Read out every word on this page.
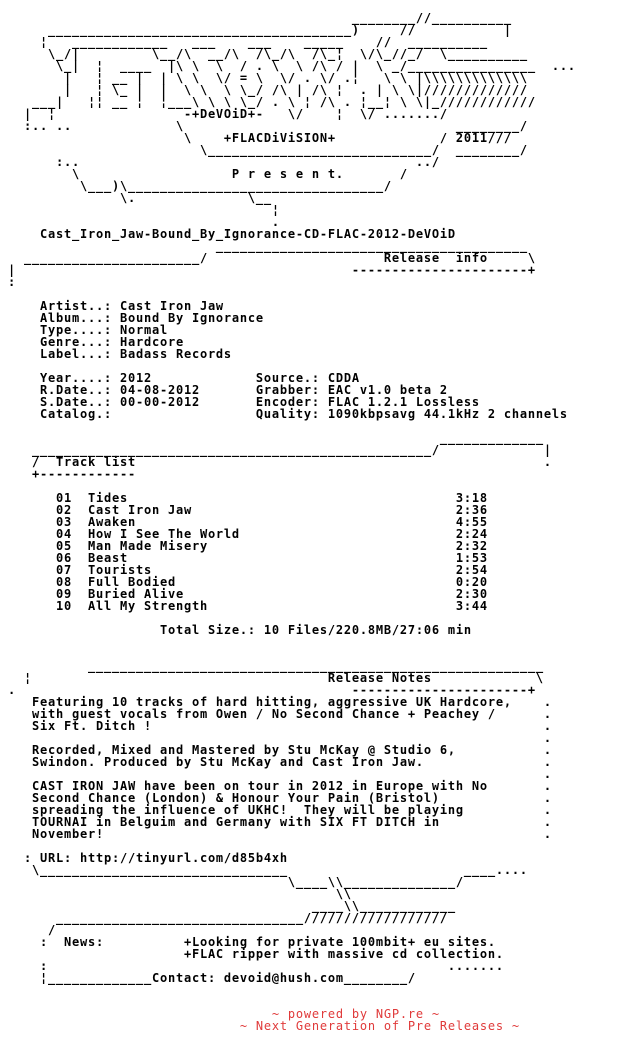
________//__________
______________________________________)     //           |
¦   ____________   ___    ___    _____    //  __________
\_/|         \__/\  __/\  /\_/\  /\_¦  \/\_//_/  \__________
\_|  ¦  ____  |\ \  \  / . \  \ /\ / |  \ _/________________  ...
|   ¦ __ |  | \ \  \/ = \  \/ . \/ .¦   \ \ |\\\\\\\\\\\\\
|   ¦ \_ |  |  \ \  \ \_/ /\ | /\ ¦  . | \ \|/////////////
___|   ¦¦ __ ¦  ¦___\ \ \ \_/ . \ ¦ /\ . ¦__¦ \ \|_////////////
|  ¦                -+DeVOiD+-   \/    ¦  \/ ......./
:.. ..             \                                  ________/
\    +FLACDiViSION+             / 2011///
\____________________________/  ________/
:..                                          ../
\                   P r e s e n t.       /
\___)\________________________________/
\.              \__
¦
.
Cast_Iron_Jaw-Bound_By_Ignorance-CD-FLAC-2012-DeVOiD
_______________________________________
______________________/                      Release  info     \
|                                          ----------------------+
:
Artist..: Cast Iron Jaw
Album...: Bound By Ignorance
Type....: Normal
Genre...: Hardcore
Label...: Badass Records
Year....: 2012             Source.: CDDA
R.Date..: 04-08-2012       Grabber: EAC v1.0 beta 2
S.Date..: 00-00-2012       Encoder: FLAC 1.2.1 Lossless
Catalog.:                  Quality: 1090kbpsavg 44.1kHz 2 channels
_____________
__________________________________________________/             |
/  Track list                                                   .
+------------
01  Tides                                         3:18
02  Cast Iron Jaw                                 2:36
03  Awaken                                        4:55
04  How I See The World                           2:24
05  Man Made Misery                               2:32
06  Beast                                         1:53
07  Tourists                                      2:54
08  Full Bodied                                   0:20
09  Buried Alive                                  2:30
10  All My Strength                               3:44
Total Size.: 10 Files/220.8MB/27:06 min
_________________________________________________________
¦                                     Release Notes             \
.                                          ----------------------+
Featuring 10 tracks of hard hitting, aggressive UK Hardcore,    .
with guest vocals from Owen / No Second Chance + Peachey /      .
Six Ft. Ditch !                                                 .
.
Recorded, Mixed and Mastered by Stu McKay @ Studio 6,           .
Swindon. Produced by Stu McKay and Cast Iron Jaw.               .
.
CAST IRON JAW have been on tour in 2012 in Europe with No       .
Second Chance (London) & Honour Your Pain (Bristol)             .
spreading the influence of UKHC!  They will be playing          .
TOURNAI in Belguim and Germany with SIX FT DITCH in             .
November!                                                       .
: URL: http://tinyurl.com/d85b4xh
\_______________________________                      ____....
\____\\______________/
\\
____\\____________
_______________________________//////////////////
/
:  News:          +Looking for private 100mbit+ eu sites.
+FLAC ripper with massive cd collection.
:                                                  .......
¦_____________Contact: devoid@hush.com________/
~ powered by NGP.re ~
~ Next Generation of Pre Releases ~
